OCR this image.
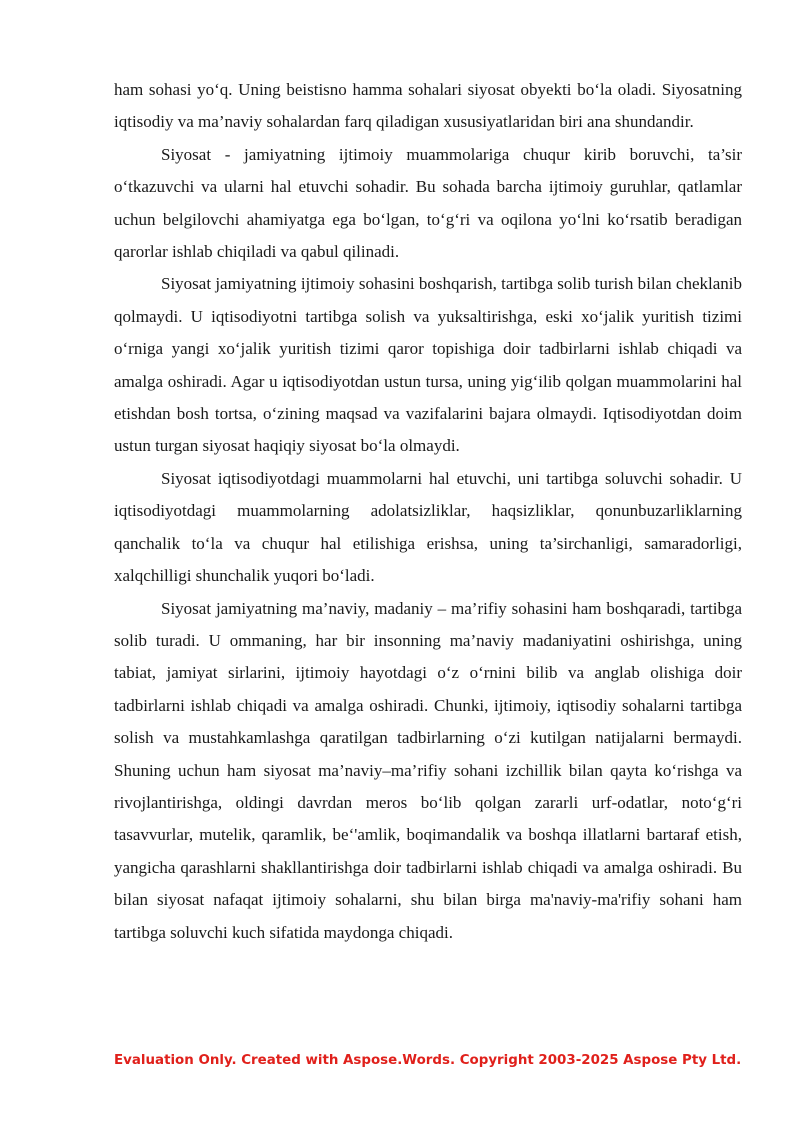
ham sohasi yo‘q. Uning beistisno hamma sohalari siyosat obyekti bo‘la oladi. Siyosatning iqtisodiy va ma’naviy sohalardan farq qiladigan xususiyatlaridan biri ana shundandir.

Siyosat - jamiyatning ijtimoiy muammolariga chuqur kirib boruvchi, ta’sir o‘tkazuvchi va ularni hal etuvchi sohadir. Bu sohada barcha ijtimoiy guruhlar, qatlamlar uchun belgilovchi ahamiyatga ega bo‘lgan, to‘g‘ri va oqilona yo‘lni ko‘rsatib beradigan qarorlar ishlab chiqiladi va qabul qilinadi.

Siyosat jamiyatning ijtimoiy sohasini boshqarish, tartibga solib turish bilan cheklanib qolmaydi. U iqtisodiyotni tartibga solish va yuksaltirishga, eski xo‘jalik yuritish tizimi o‘rniga yangi xo‘jalik yuritish tizimi qaror topishiga doir tadbirlarni ishlab chiqadi va amalga oshiradi. Agar u iqtisodiyotdan ustun tursa, uning yig‘ilib qolgan muammolarini hal etishdan bosh tortsa, o‘zining maqsad va vazifalarini bajara olmaydi. Iqtisodiyotdan doim ustun turgan siyosat haqiqiy siyosat bo‘la olmaydi.

Siyosat iqtisodiyotdagi muammolarni hal etuvchi, uni tartibga soluvchi sohadir. U iqtisodiyotdagi muammolarning adolatsizliklar, haqsizliklar, qonunbuzarliklarning qanchalik to‘la va chuqur hal etilishiga erishsa, uning ta’sirchanligi, samaradorligi, xalqchilligi shunchalik yuqori bo‘ladi.

Siyosat jamiyatning ma’naviy, madaniy – ma’rifiy sohasini ham boshqaradi, tartibga solib turadi. U ommaning, har bir insonning ma’naviy madaniyatini oshirishga, uning tabiat, jamiyat sirlarini, ijtimoiy hayotdagi o‘z o‘rnini bilib va anglab olishiga doir tadbirlarni ishlab chiqadi va amalga oshiradi. Chunki, ijtimoiy, iqtisodiy sohalarni tartibga solish va mustahkamlashga qaratilgan tadbirlarning o‘zi kutilgan natijalarni bermaydi. Shuning uchun ham siyosat ma’naviy–ma’rifiy sohani izchillik bilan qayta ko‘rishga va rivojlantirishga, oldingi davrdan meros bo‘lib qolgan zararli urf-odatlar, noto‘g‘ri tasavvurlar, mutelik, qaramlik, be‘'amlik, boqimandalik va boshqa illatlarni bartaraf etish, yangicha qarashlarni shakllantirishga doir tadbirlarni ishlab chiqadi va amalga oshiradi. Bu bilan siyosat nafaqat ijtimoiy sohalarni, shu bilan birga ma'naviy-ma'rifiy sohani ham tartibga soluvchi kuch sifatida maydonga chiqadi.

Evaluation Only. Created with Aspose.Words. Copyright 2003-2025 Aspose Pty Ltd.
